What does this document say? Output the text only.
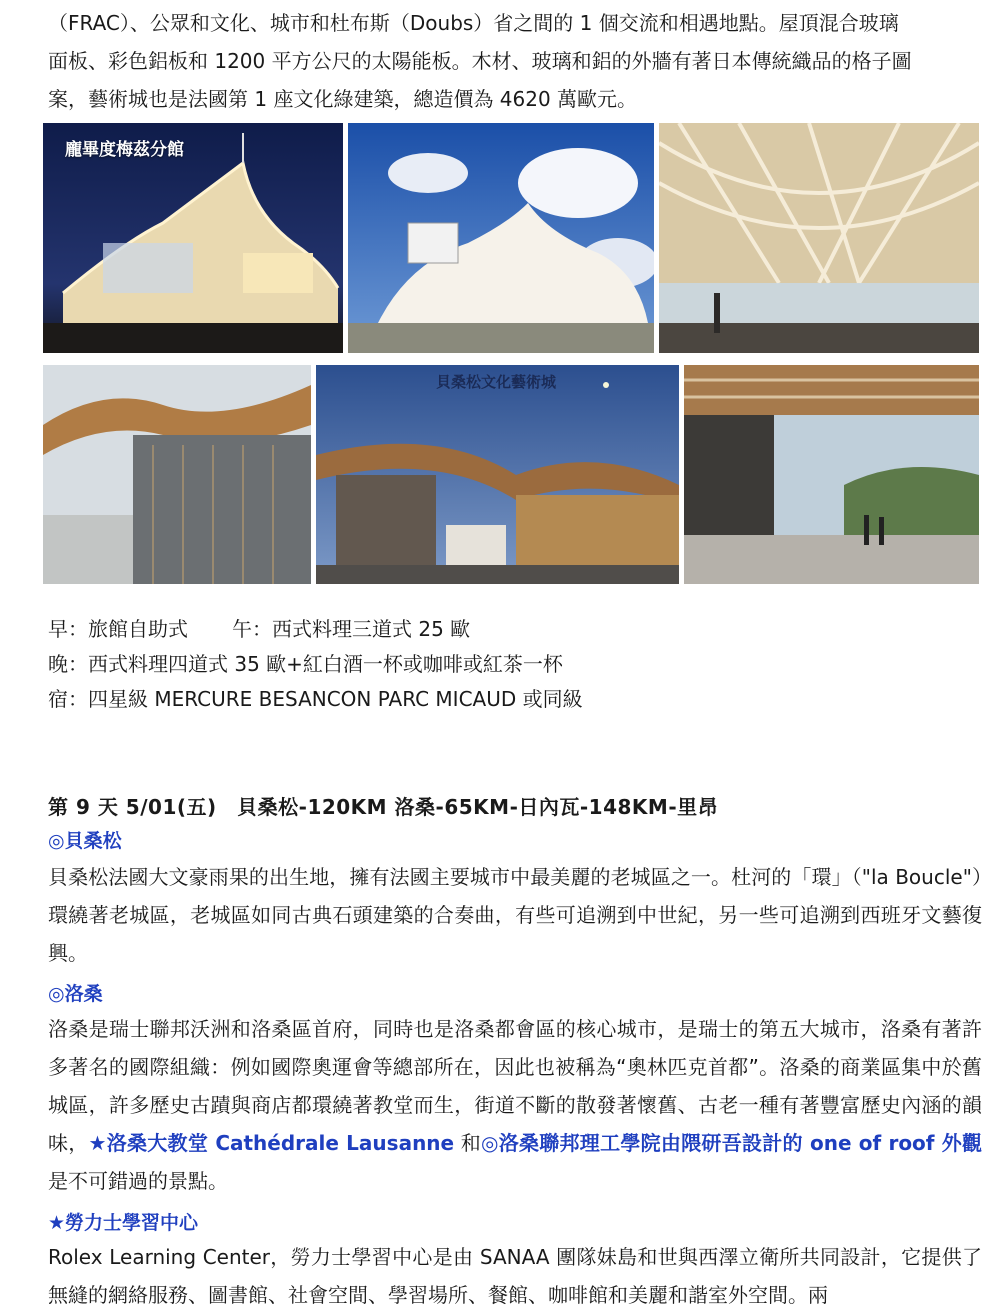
（FRAC）、公眾和文化、城市和杜布斯（Doubs）省之間的 1 個交流和相遇地點。屋頂混合玻璃

面板、彩色鋁板和 1200 平方公尺的太陽能板。木材、玻璃和鋁的外牆有著日本傳統織品的格子圖

案，藝術城也是法國第 1 座文化綠建築，總造價為 4620 萬歐元。

龐畢度梅茲分館
貝桑松文化藝術城
早：旅館自助式 午：西式料理三道式 25 歐
晚：西式料理四道式 35 歐+紅白酒一杯或咖啡或紅茶一杯
宿：四星級 MERCURE BESANCON PARC MICAUD 或同級
第 9 天 5/01(五)　貝桑松-120KM 洛桑-65KM-日內瓦-148KM-里昂
◎貝桑松
貝桑松法國大文豪雨果的出生地，擁有法國主要城市中最美麗的老城區之一。杜河的「環」（"la Boucle"）環繞著老城區，老城區如同古典石頭建築的合奏曲，有些可追溯到中世紀，另一些可追溯到西班牙文藝復興。
◎洛桑
洛桑是瑞士聯邦沃洲和洛桑區首府，同時也是洛桑都會區的核心城市，是瑞士的第五大城市，洛桑有著許多著名的國際組織：例如國際奧運會等總部所在，因此也被稱為“奧林匹克首都”。洛桑的商業區集中於舊城區，許多歷史古蹟與商店都環繞著教堂而生，街道不斷的散發著懷舊、古老一種有著豐富歷史內涵的韻味，★洛桑大教堂 Cathédrale Lausanne 和◎洛桑聯邦理工學院由隈研吾設計的 one of roof 外觀是不可錯過的景點。
★勞力士學習中心
Rolex Learning Center，勞力士學習中心是由 SANAA 團隊妹島和世與西澤立衛所共同設計，它提供了無縫的網絡服務、圖書館、社會空間、學習場所、餐館、咖啡館和美麗和諧室外空間。兩
